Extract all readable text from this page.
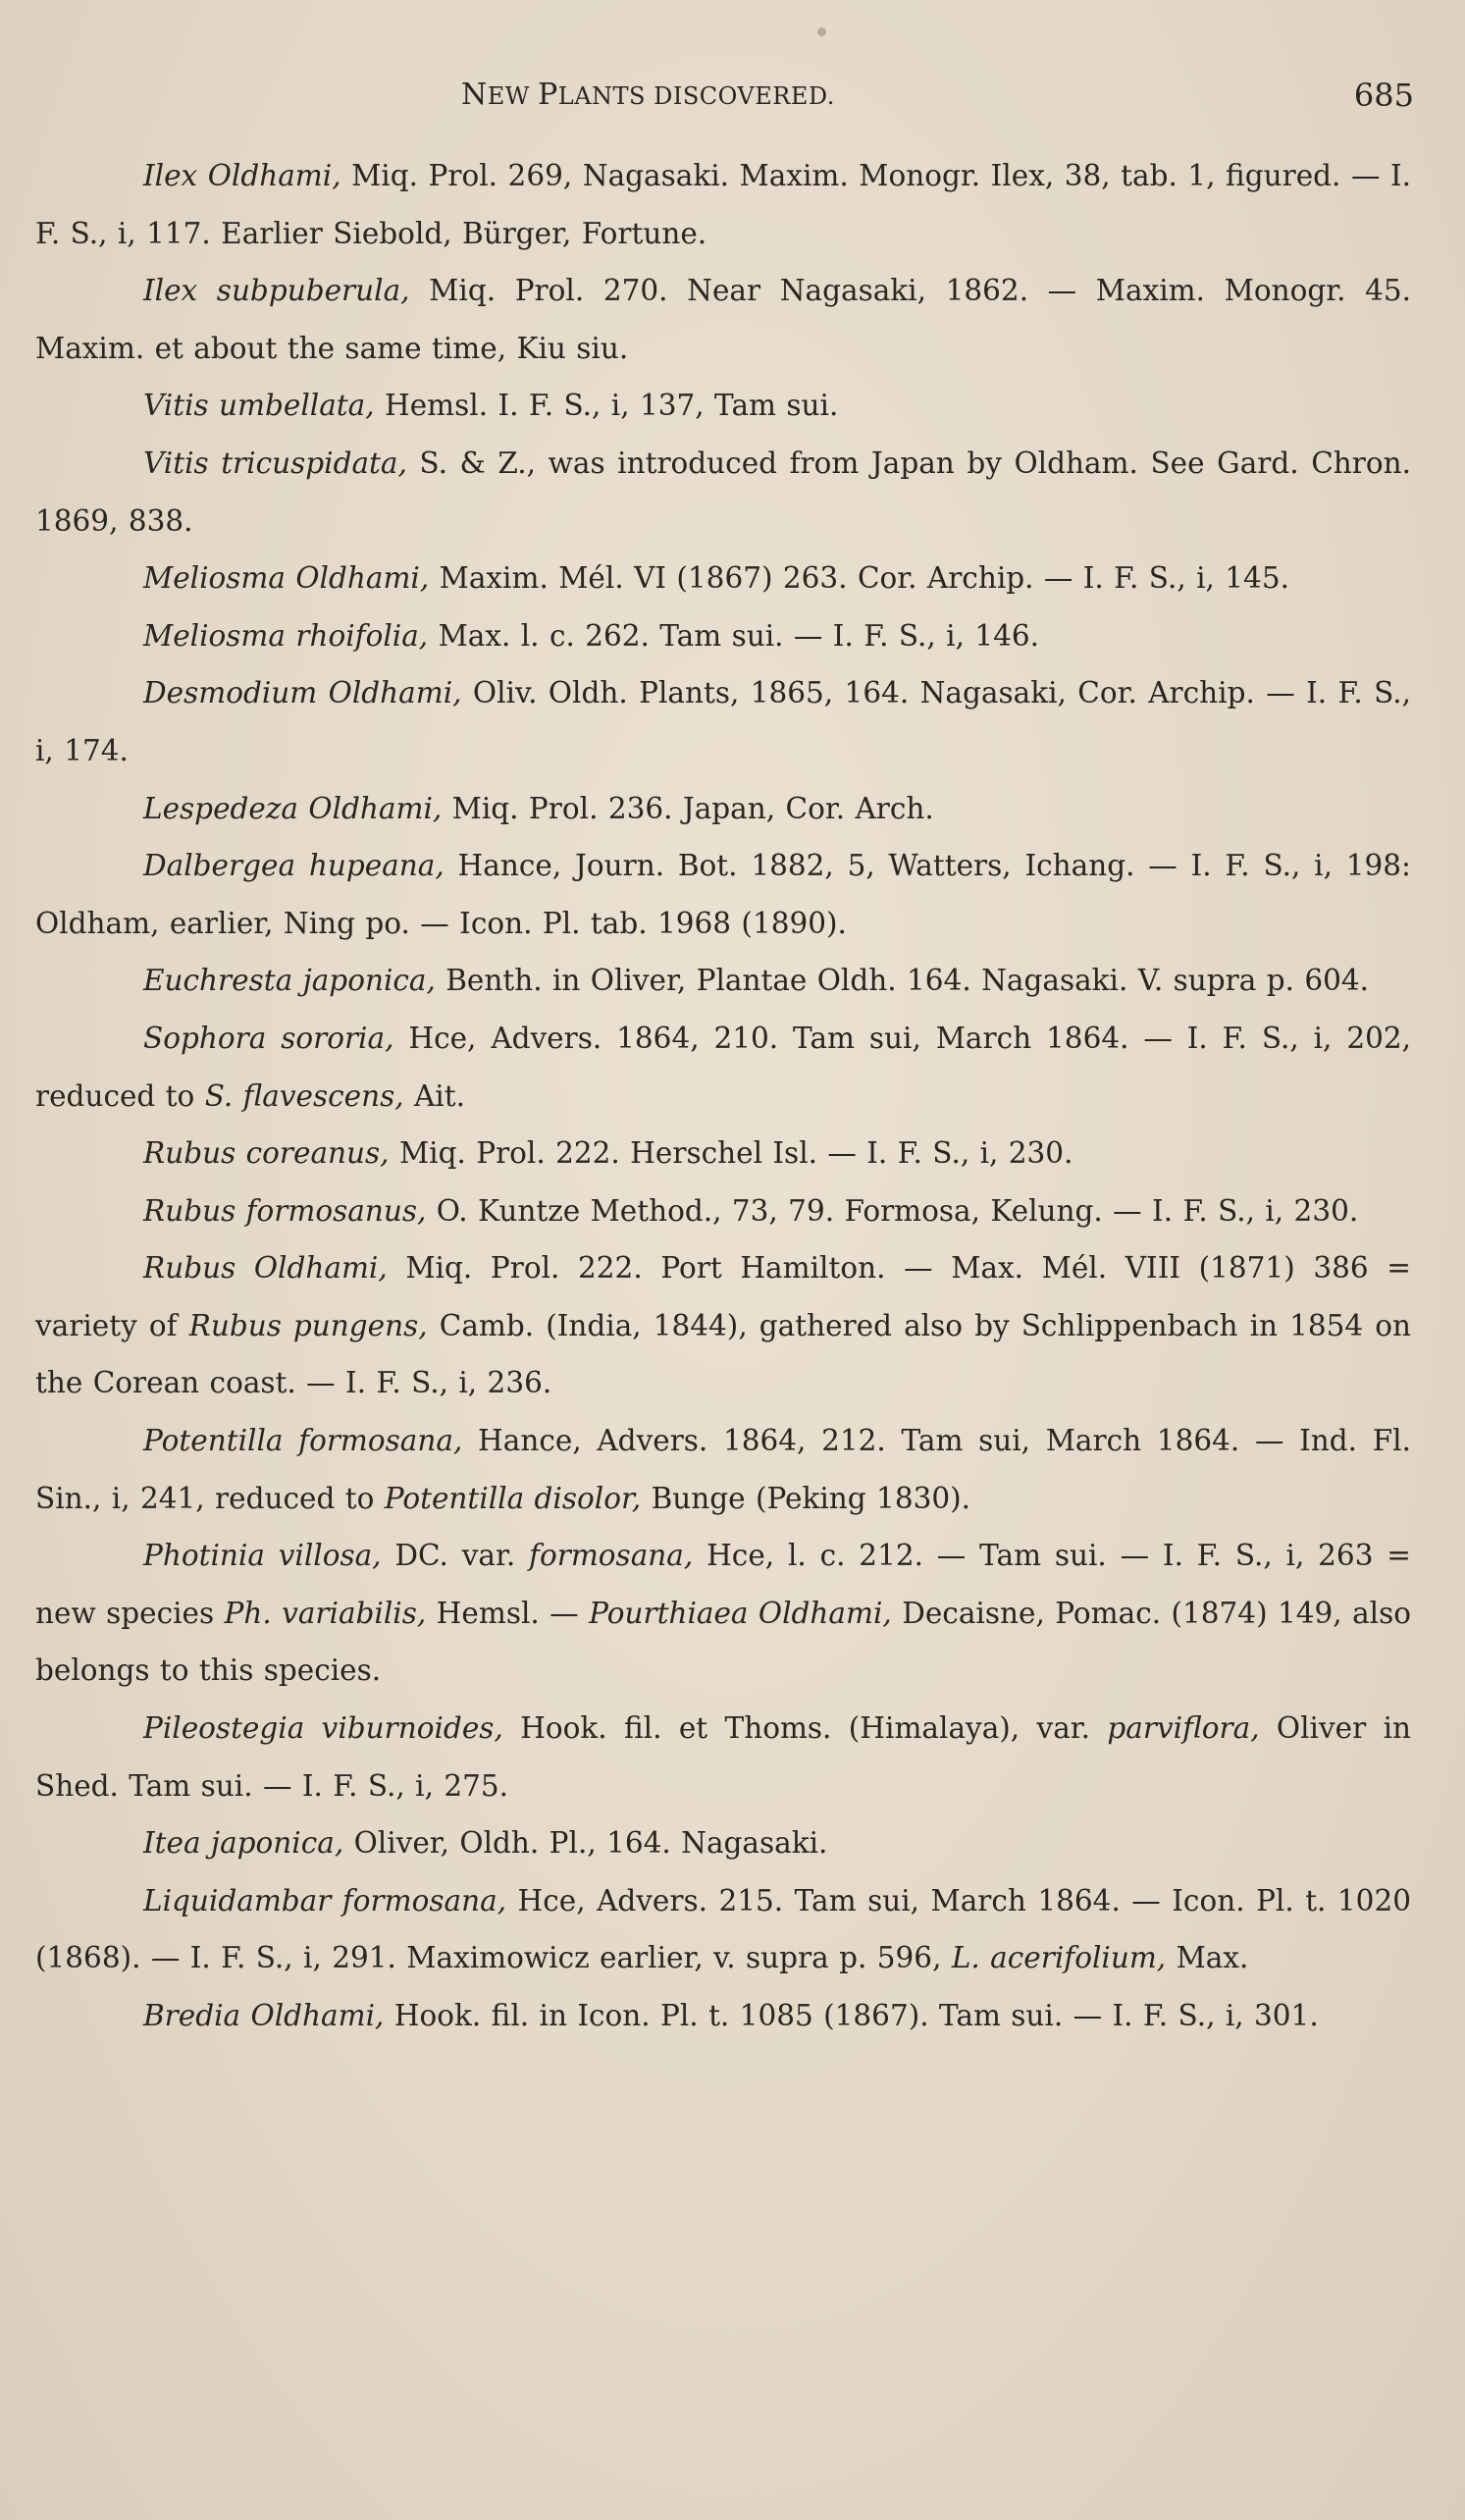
NEW PLANTS DISCOVERED.	685

Ilex Oldhami, Miq. Prol. 269, Nagasaki. Maxim. Monogr. Ilex, 38, tab. 1, figured. — I. F. S., i, 117. Earlier Siebold, Bürger, Fortune.

Ilex subpuberula, Miq. Prol. 270. Near Nagasaki, 1862. — Maxim. Monogr. 45. Maxim. et about the same time, Kiu siu.

Vitis umbellata, Hemsl. I. F. S., i, 137, Tam sui.

Vitis tricuspidata, S. & Z., was introduced from Japan by Oldham. See Gard. Chron. 1869, 838.

Meliosma Oldhami, Maxim. Mél. VI (1867) 263. Cor. Archip. — I. F. S., i, 145.

Meliosma rhoifolia, Max. l. c. 262. Tam sui. — I. F. S., i, 146.

Desmodium Oldhami, Oliv. Oldh. Plants, 1865, 164. Nagasaki, Cor. Archip. — I. F. S., i, 174.

Lespedeza Oldhami, Miq. Prol. 236. Japan, Cor. Arch.

Dalbergea hupeana, Hance, Journ. Bot. 1882, 5, Watters, Ichang. — I. F. S., i, 198: Oldham, earlier, Ning po. — Icon. Pl. tab. 1968 (1890).

Euchresta japonica, Benth. in Oliver, Plantae Oldh. 164. Nagasaki. V. supra p. 604.

Sophora sororia, Hce, Advers. 1864, 210. Tam sui, March 1864. — I. F. S., i, 202, reduced to S. flavescens, Ait.

Rubus coreanus, Miq. Prol. 222. Herschel Isl. — I. F. S., i, 230.

Rubus formosanus, O. Kuntze Method., 73, 79. Formosa, Kelung. — I. F. S., i, 230.

Rubus Oldhami, Miq. Prol. 222. Port Hamilton. — Max. Mél. VIII (1871) 386 = variety of Rubus pungens, Camb. (India, 1844), gathered also by Schlippenbach in 1854 on the Corean coast. — I. F. S., i, 236.

Potentilla formosana, Hance, Advers. 1864, 212. Tam sui, March 1864. — Ind. Fl. Sin., i, 241, reduced to Potentilla disolor, Bunge (Peking 1830).

Photinia villosa, DC. var. formosana, Hce, l. c. 212. — Tam sui. — I. F. S., i, 263 = new species Ph. variabilis, Hemsl. — Pourthiaea Oldhami, Decaisne, Pomac. (1874) 149, also belongs to this species.

Pileostegia viburnoides, Hook. fil. et Thoms. (Himalaya), var. parviflora, Oliver in Shed. Tam sui. — I. F. S., i, 275.

Itea japonica, Oliver, Oldh. Pl., 164. Nagasaki.

Liquidambar formosana, Hce, Advers. 215. Tam sui, March 1864. — Icon. Pl. t. 1020 (1868). — I. F. S., i, 291. Maximowicz earlier, v. supra p. 596, L. acerifolium, Max.

Bredia Oldhami, Hook. fil. in Icon. Pl. t. 1085 (1867). Tam sui. — I. F. S., i, 301.
